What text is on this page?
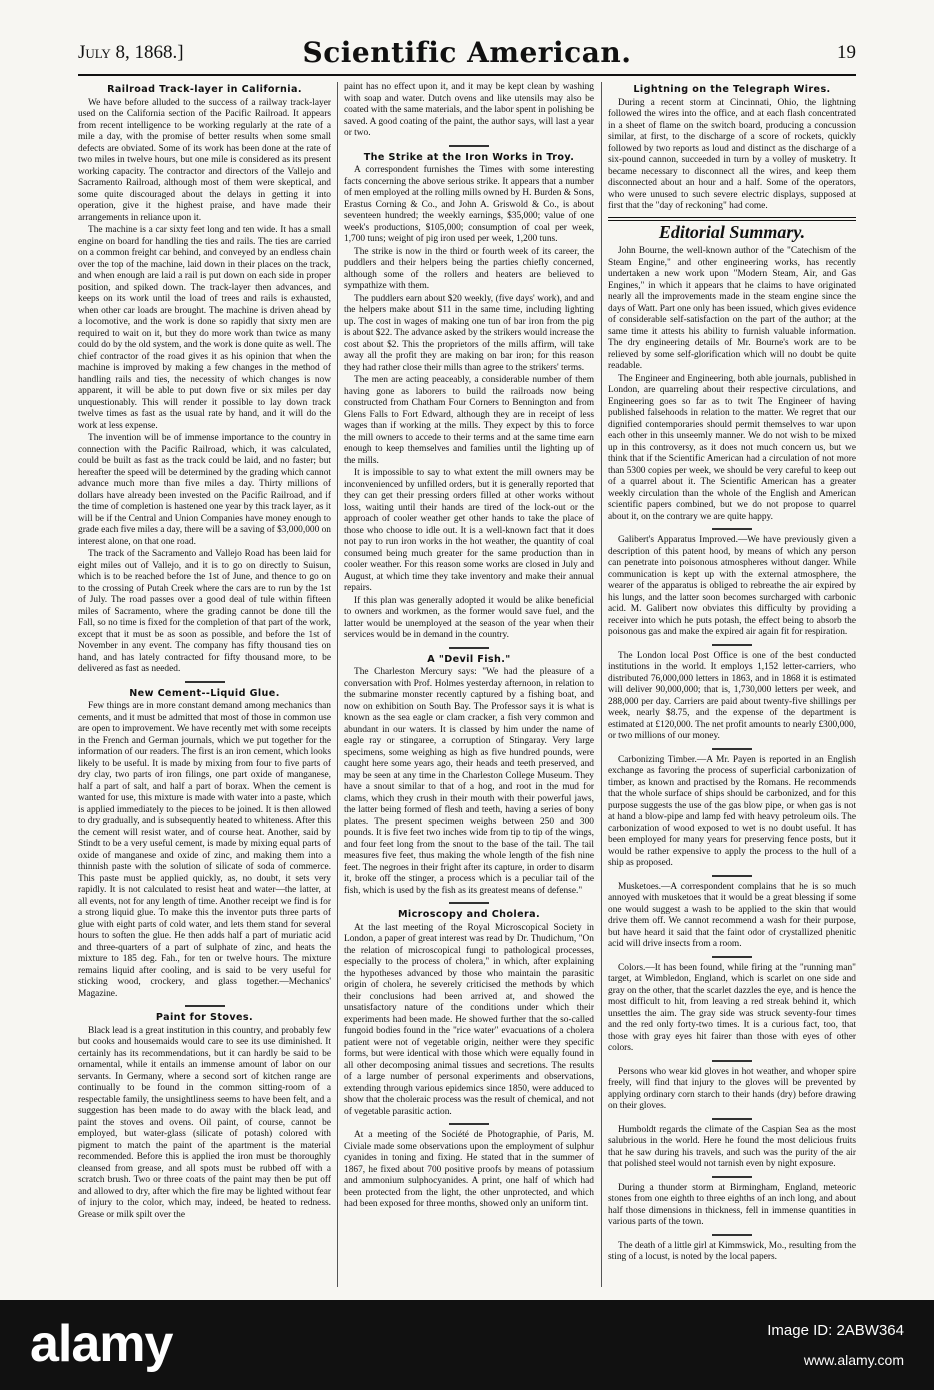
July 8, 1868.]	Scientific American.	19
Railroad Track-layer in California.

We have before alluded to the success of a railway track-layer used on the California section of the Pacific Railroad. It appears from recent intelligence to be working regularly at the rate of a mile a day, with the promise of better results when some small defects are obviated. Some of its work has been done at the rate of two miles in twelve hours, but one mile is considered as its present working capacity. The contractor and directors of the Vallejo and Sacramento Railroad, although most of them were skeptical, and some quite discouraged about the delays in getting it into operation, give it the highest praise, and have made their arrangements in reliance upon it.

The machine is a car sixty feet long and ten wide. It has a small engine on board for handling the ties and rails. The ties are carried on a common freight car behind, and conveyed by an endless chain over the top of the machine, laid down in their places on the track, and when enough are laid a rail is put down on each side in proper position, and spiked down. The track-layer then advances, and keeps on its work until the load of trees and rails is exhausted, when other car loads are brought. The machine is driven ahead by a locomotive, and the work is done so rapidly that sixty men are required to wait on it, but they do more work than twice as many could do by the old system, and the work is done quite as well. The chief contractor of the road gives it as his opinion that when the machine is improved by making a few changes in the method of handling rails and ties, the necessity of which changes is now apparent, it will be able to put down five or six miles per day unquestionably. This will render it possible to lay down track twelve times as fast as the usual rate by hand, and it will do the work at less expense.

The invention will be of immense importance to the country in connection with the Pacific Railroad, which, it was calculated, could be built as fast as the track could be laid, and no faster; but hereafter the speed will be determined by the grading which cannot advance much more than five miles a day. Thirty millions of dollars have already been invested on the Pacific Railroad, and if the time of completion is hastened one year by this track layer, as it will be if the Central and Union Companies have money enough to grade each five miles a day, there will be a saving of $3,000,000 on interest alone, on that one road.

The track of the Sacramento and Vallejo Road has been laid for eight miles out of Vallejo, and it is to go on directly to Suisun, which is to be reached before the 1st of June, and thence to go on to the crossing of Putah Creek where the cars are to run by the 1st of July. The road passes over a good deal of tule within fifteen miles of Sacramento, where the grading cannot be done till the Fall, so no time is fixed for the completion of that part of the work, except that it must be as soon as possible, and before the 1st of November in any event. The company has fifty thousand ties on hand, and has lately contracted for fifty thousand more, to be delivered as fast as needed.

New Cement--Liquid Glue.

Few things are in more constant demand among mechanics than cements, and it must be admitted that most of those in common use are open to improvement. We have recently met with some receipts in the French and German journals, which we put together for the information of our readers. The first is an iron cement, which looks likely to be useful. It is made by mixing from four to five parts of dry clay, two parts of iron filings, one part oxide of manganese, half a part of salt, and half a part of borax. When the cement is wanted for use, this mixture is made with water into a paste, which is applied immediately to the pieces to be joined. It is then allowed to dry gradually, and is subsequently heated to whiteness. After this the cement will resist water, and of course heat. Another, said by Stindt to be a very useful cement, is made by mixing equal parts of oxide of manganese and oxide of zinc, and making them into a thinnish paste with the solution of silicate of soda of commerce. This paste must be applied quickly, as, no doubt, it sets very rapidly. It is not calculated to resist heat and water—the latter, at all events, not for any length of time. Another receipt we find is for a strong liquid glue. To make this the inventor puts three parts of glue with eight parts of cold water, and lets them stand for several hours to soften the glue. He then adds half a part of muriatic acid and three-quarters of a part of sulphate of zinc, and heats the mixture to 185 deg. Fah., for ten or twelve hours. The mixture remains liquid after cooling, and is said to be very useful for sticking wood, crockery, and glass together.—Mechanics' Magazine.

Paint for Stoves.

Black lead is a great institution in this country, and probably few but cooks and housemaids would care to see its use diminished. It certainly has its recommendations, but it can hardly be said to be ornamental, while it entails an immense amount of labor on our servants. In Germany, where a second sort of kitchen range are continually to be found in the common sitting-room of a respectable family, the unsightliness seems to have been felt, and a suggestion has been made to do away with the black lead, and paint the stoves and ovens. Oil paint, of course, cannot be employed, but water-glass (silicate of potash) colored with pigment to match the paint of the apartment is the material recommended. Before this is applied the iron must be thoroughly cleansed from grease, and all spots must be rubbed off with a scratch brush. Two or three coats of the paint may then be put off and allowed to dry, after which the fire may be lighted without fear of injury to the color, which may, indeed, be heated to redness. Grease or milk spilt over the

paint has no effect upon it, and it may be kept clean by washing with soap and water. Dutch ovens and like utensils may also be coated with the same materials, and the labor spent in polishing be saved. A good coating of the paint, the author says, will last a year or two.

The Strike at the Iron Works in Troy.

A correspondent furnishes the Times with some interesting facts concerning the above serious strike. It appears that a number of men employed at the rolling mills owned by H. Burden & Sons, Erastus Corning & Co., and John A. Griswold & Co., is about seventeen hundred; the weekly earnings, $35,000; value of one week's productions, $105,000; consumption of coal per week, 1,700 tuns; weight of pig iron used per week, 1,200 tuns.

The strike is now in the third or fourth week of its career, the puddlers and their helpers being the parties chiefly concerned, although some of the rollers and heaters are believed to sympathize with them.

The puddlers earn about $20 weekly, (five days' work), and and the helpers make about $11 in the same time, including lighting up. The cost in wages of making one tun of bar iron from the pig is about $22. The advance asked by the strikers would increase the cost about $2. This the proprietors of the mills affirm, will take away all the profit they are making on bar iron; for this reason they had rather close their mills than agree to the strikers' terms.

The men are acting peaceably, a considerable number of them having gone as laborers to build the railroads now being constructed from Chatham Four Corners to Bennington and from Glens Falls to Fort Edward, although they are in receipt of less wages than if working at the mills. They expect by this to force the mill owners to accede to their terms and at the same time earn enough to keep themselves and families until the lighting up of the mills.

It is impossible to say to what extent the mill owners may be inconvenienced by unfilled orders, but it is generally reported that they can get their pressing orders filled at other works without loss, waiting until their hands are tired of the lock-out or the approach of cooler weather get other hands to take the place of those who choose to idle out. It is a well-known fact that it does not pay to run iron works in the hot weather, the quantity of coal consumed being much greater for the same production than in cooler weather. For this reason some works are closed in July and August, at which time they take inventory and make their annual repairs.

If this plan was generally adopted it would be alike beneficial to owners and workmen, as the former would save fuel, and the latter would be unemployed at the season of the year when their services would be in demand in the country.

A "Devil Fish."

The Charleston Mercury says: "We had the pleasure of a conversation with Prof. Holmes yesterday afternoon, in relation to the submarine monster recently captured by a fishing boat, and now on exhibition on South Bay. The Professor says it is what is known as the sea eagle or clam cracker, a fish very common and abundant in our waters. It is classed by him under the name of eagle ray or stingaree, a corruption of Stingaray. Very large specimens, some weighing as high as five hundred pounds, were caught here some years ago, their heads and teeth preserved, and may be seen at any time in the Charleston College Museum. They have a snout similar to that of a hog, and root in the mud for clams, which they crush in their mouth with their powerful jaws, the latter being formed of flesh and teeth, having a series of bony plates. The present specimen weighs between 250 and 300 pounds. It is five feet two inches wide from tip to tip of the wings, and four feet long from the snout to the base of the tail. The tail measures five feet, thus making the whole length of the fish nine feet. The negroes in their fright after its capture, in order to disarm it, broke off the stinger, a process which is a peculiar tail of the fish, which is used by the fish as its greatest means of defense."

Microscopy and Cholera.

At the last meeting of the Royal Microscopical Society in London, a paper of great interest was read by Dr. Thudichum, "On the relation of microscopical fungi to pathological processes, especially to the process of cholera," in which, after explaining the hypotheses advanced by those who maintain the parasitic origin of cholera, he severely criticised the methods by which their conclusions had been arrived at, and showed the unsatisfactory nature of the conditions under which their experiments had been made. He showed further that the so-called fungoid bodies found in the "rice water" evacuations of a cholera patient were not of vegetable origin, neither were they specific forms, but were identical with those which were equally found in all other decomposing animal tissues and secretions. The results of a large number of personal experiments and observations, extending through various epidemics since 1850, were adduced to show that the choleraic process was the result of chemical, and not of vegetable parasitic action.

At a meeting of the Société de Photographie, of Paris, M. Civiale made some observations upon the employment of sulphur cyanides in toning and fixing. He stated that in the summer of 1867, he fixed about 700 positive proofs by means of potassium and ammonium sulphocyanides. A print, one half of which had been protected from the light, the other unprotected, and which had been exposed for three months, showed only an uniform tint.

Lightning on the Telegraph Wires.

During a recent storm at Cincinnati, Ohio, the lightning followed the wires into the office, and at each flash concentrated in a sheet of flame on the switch board, producing a concussion similar, at first, to the discharge of a score of rockets, quickly followed by two reports as loud and distinct as the discharge of a six-pound cannon, succeeded in turn by a volley of musketry. It became necessary to disconnect all the wires, and keep them disconnected about an hour and a half. Some of the operators, who were unused to such severe electric displays, supposed at first that the "day of reckoning" had come.

Editorial Summary.

John Bourne, the well-known author of the "Catechism of the Steam Engine," and other engineering works, has recently undertaken a new work upon "Modern Steam, Air, and Gas Engines," in which it appears that he claims to have originated nearly all the improvements made in the steam engine since the days of Watt. Part one only has been issued, which gives evidence of considerable self-satisfaction on the part of the author; at the same time it attests his ability to furnish valuable information. The dry engineering details of Mr. Bourne's work are to be relieved by some self-glorification which will no doubt be quite readable.

The Engineer and Engineering, both able journals, published in London, are quarreling about their respective circulations, and Engineering goes so far as to twit The Engineer of having published falsehoods in relation to the matter. We regret that our dignified contemporaries should permit themselves to war upon each other in this unseemly manner. We do not wish to be mixed up in this controversy, as it does not much concern us, but we think that if the Scientific American had a circulation of not more than 5300 copies per week, we should be very careful to keep out of a quarrel about it. The Scientific American has a greater weekly circulation than the whole of the English and American scientific papers combined, but we do not propose to quarrel about it, on the contrary we are quite happy.

Galibert's Apparatus Improved.—We have previously given a description of this patent hood, by means of which any person can penetrate into poisonous atmospheres without danger. While communication is kept up with the external atmosphere, the wearer of the apparatus is obliged to rebreathe the air expired by his lungs, and the latter soon becomes surcharged with carbonic acid. M. Galibert now obviates this difficulty by providing a receiver into which he puts potash, the effect being to absorb the poisonous gas and make the expired air again fit for respiration.

The London local Post Office is one of the best conducted institutions in the world. It employs 1,152 letter-carriers, who distributed 76,000,000 letters in 1863, and in 1868 it is estimated will deliver 90,000,000; that is, 1,730,000 letters per week, and 288,000 per day. Carriers are paid about twenty-five shillings per week, nearly $8.75, and the expense of the department is estimated at £120,000. The net profit amounts to nearly £300,000, or two millions of our money.

Carbonizing Timber.—A Mr. Payen is reported in an English exchange as favoring the process of superficial carbonization of timber, as known and practised by the Romans. He recommends that the whole surface of ships should be carbonized, and for this purpose suggests the use of the gas blow pipe, or when gas is not at hand a blow-pipe and lamp fed with heavy petroleum oils. The carbonization of wood exposed to wet is no doubt useful. It has been employed for many years for preserving fence posts, but it would be rather expensive to apply the process to the hull of a ship as proposed.

Musketoes.—A correspondent complains that he is so much annoyed with musketoes that it would be a great blessing if some one would suggest a wash to be applied to the skin that would drive them off. We cannot recommend a wash for their purpose, but have heard it said that the faint odor of crystallized phenitic acid will drive insects from a room.

Colors.—It has been found, while firing at the "running man" target, at Wimbledon, England, which is scarlet on one side and gray on the other, that the scarlet dazzles the eye, and is hence the most difficult to hit, from leaving a red streak behind it, which unsettles the aim. The gray side was struck seventy-four times and the red only forty-two times. It is a curious fact, too, that those with gray eyes hit fairer than those with eyes of other colors.

Persons who wear kid gloves in hot weather, and whoper spire freely, will find that injury to the gloves will be prevented by applying ordinary corn starch to their hands (dry) before drawing on their gloves.

Humboldt regards the climate of the Caspian Sea as the most salubrious in the world. Here he found the most delicious fruits that he saw during his travels, and such was the purity of the air that polished steel would not tarnish even by night exposure.

During a thunder storm at Birmingham, England, meteoric stones from one eighth to three eighths of an inch long, and about half those dimensions in thickness, fell in immense quantities in various parts of the town.

The death of a little girl at Kimmswick, Mo., resulting from the sting of a locust, is noted by the local papers.

alamy	Image ID: 2ABW364
www.alamy.com
